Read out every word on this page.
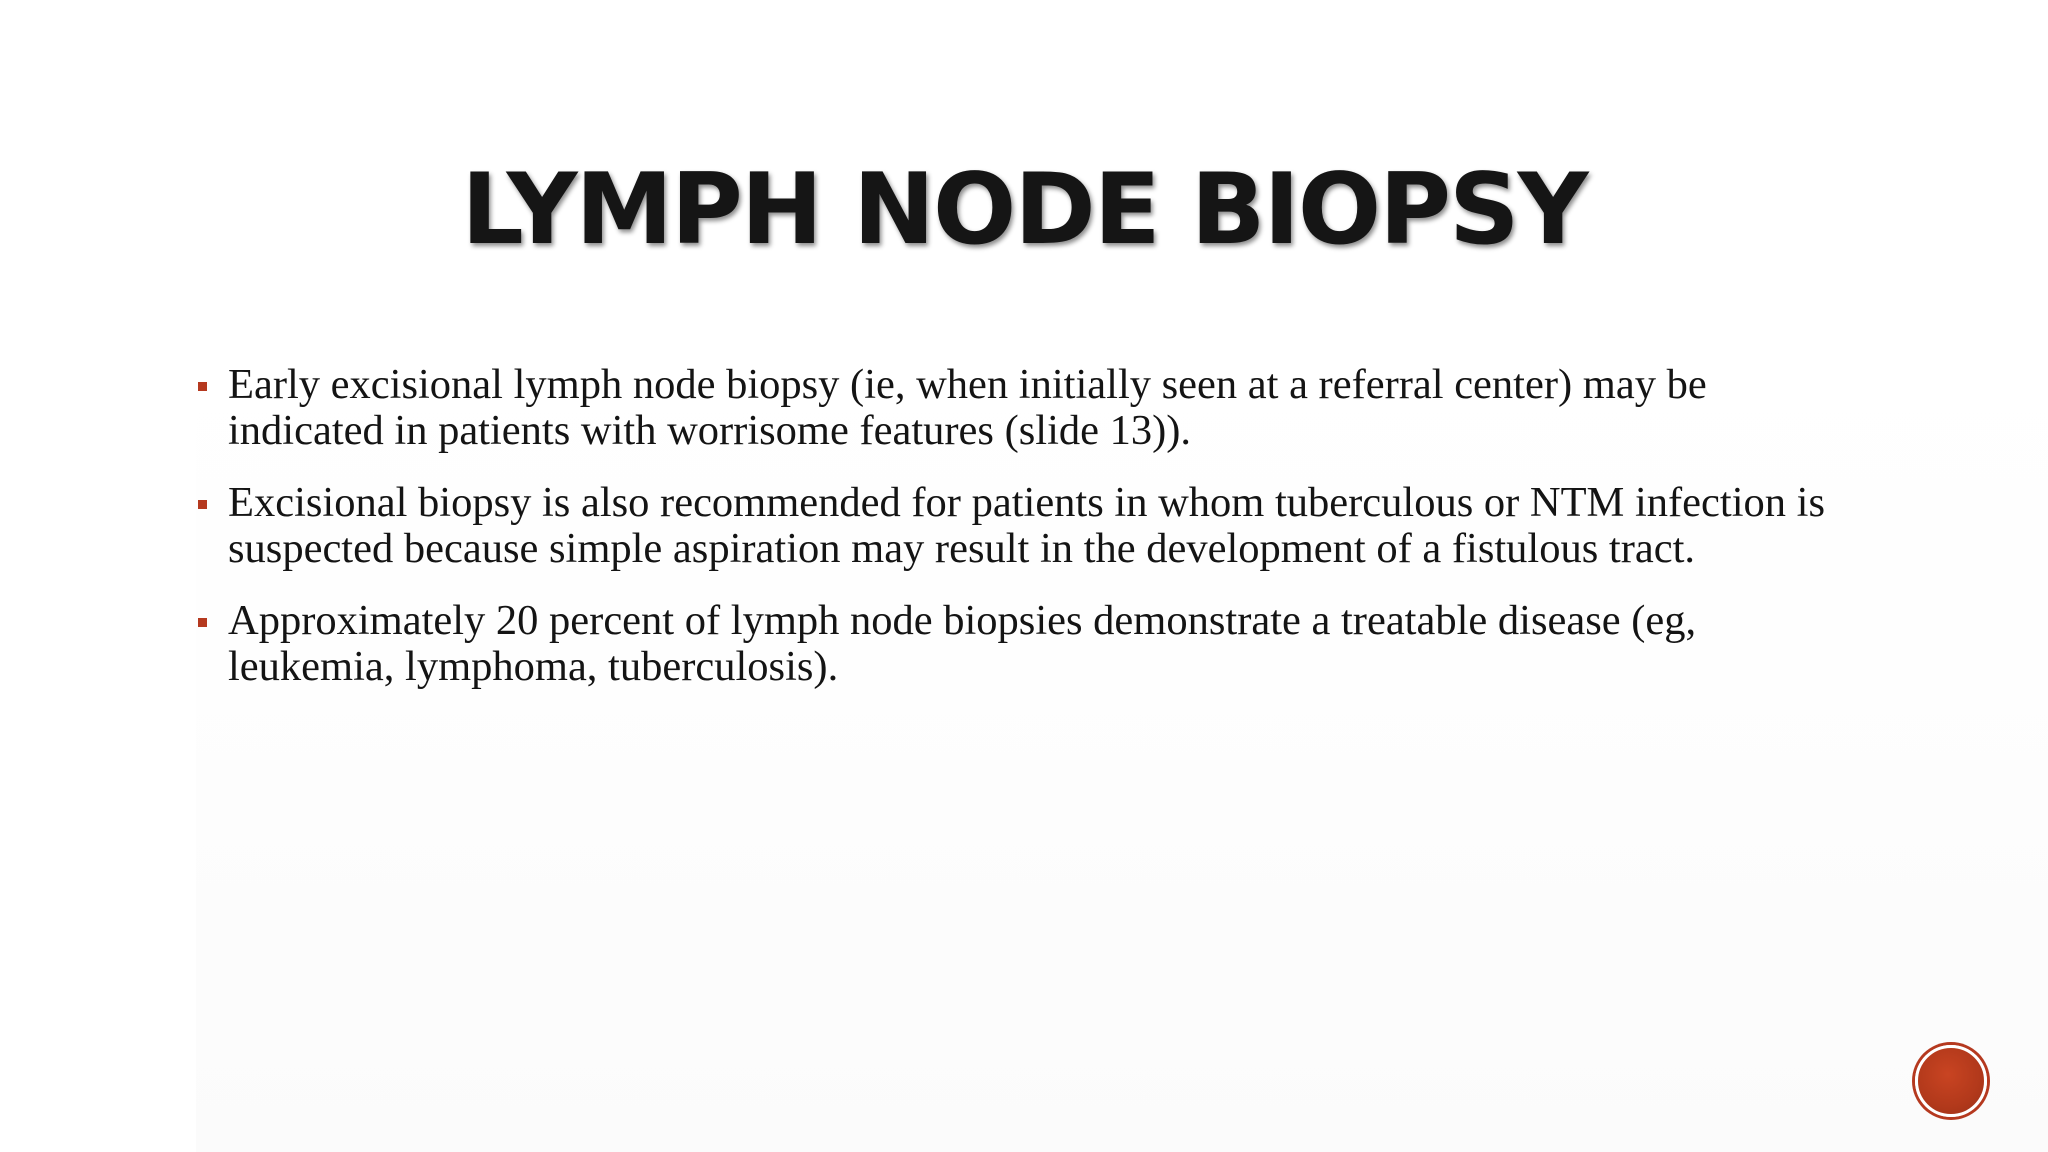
LYMPH NODE BIOPSY
Early excisional lymph node biopsy (ie, when initially seen at a referral center) may be indicated in patients with worrisome features (slide 13)).
Excisional biopsy is also recommended for patients in whom tuberculous or NTM infection is suspected because simple aspiration may result in the development of a fistulous tract.
Approximately 20 percent of lymph node biopsies demonstrate a treatable disease (eg, leukemia, lymphoma, tuberculosis).
